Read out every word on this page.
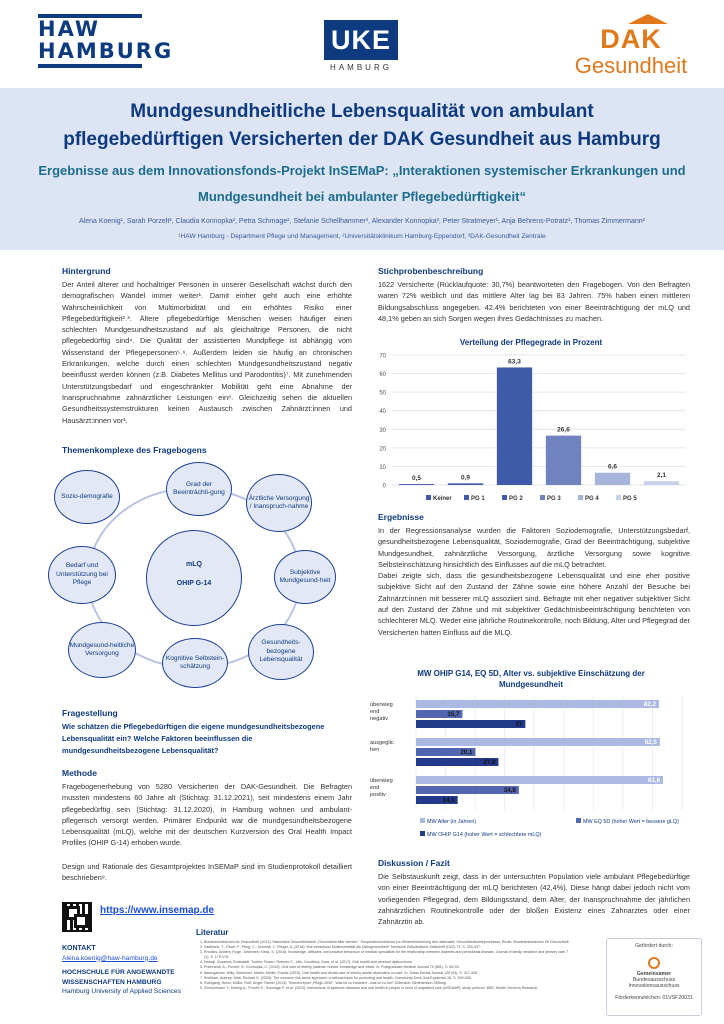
HAW
HAMBURG	UKE
HAMBURG
DAK
Gesundheit
Mundgesundheitliche Lebensqualität von ambulant
pflegebedürftigen Versicherten der DAK Gesundheit aus Hamburg
Ergebnisse aus dem Innovationsfonds-Projekt InSEMaP: „Interaktionen systemischer Erkrankungen und
Mundgesundheit bei ambulanter Pflegebedürftigkeit“
Alena Koenig¹, Sarah Porzelt², Claudia Konnopka², Petra Schmage², Stefanie Schellhammer³, Alexander Konnopka², Peter Stratmeyer¹, Anja Behrens-Potratz¹, Thomas Zimmermann²
¹HAW Hamburg - Department Pflege und Management, ²Universitätsklinikum Hamburg-Eppendorf, ³DAK-Gesundheit Zentrale
Hintergrund

Der Anteil älterer und hochaltriger Personen in unserer Gesellschaft wächst durch den demografischen Wandel immer weiter¹. Damit einher geht auch eine erhöhte Wahrscheinlichkeit von Multimorbidität und ein erhöhtes Risiko einer Pflegebedürftigkeit²˒³. Ältere pflegebedürftige Menschen weisen häufiger einen schlechten Mundgesundheitszustand auf als gleichaltrige Personen, die nicht pflegebedürftig sind⁴. Die Qualität der assistierten Mundpflege ist abhängig vom Wissenstand der Pflegepersonen⁵˒⁶. Außerdem leiden sie häufig an chronischen Erkrankungen, welche durch einen schlechten Mundgesundheitszustand negativ beeinflusst werden können (z.B. Diabetes Mellitus und Parodontitis)⁷. Mit zunehmenden Unterstützungsbedarf und eingeschränkter Mobilität geht eine Abnahme der Inanspruchnahme zahnärztlicher Leistungen ein⁸. Gleichzeitig sehen die aktuellen Gesundheitssystemstrukturen keinen Austausch zwischen Zahnärzt:innen und Hausärzt:innen vor¹.

Themenkomplexe des Fragebogens
mLQ
OHIP G-14
Sozio-demografie
Grad der Beeinträchti-gung
Ärztliche Versorgung / Inanspruch-nahme
Subjektive Mundgesund-heit
Gesundheits-bezogene Lebensqualität
Kognitive Selbstein-schätzung
Mundgesund-heitliche Versorgung
Bedarf und Unterstützung bei Pflege
Fragestellung

Wie schätzen die Pflegebedürftigen die eigene mundgesundheitsbezogene Lebensqualität ein? Welche Faktoren beeinflussen die mundgesundheitsbezogene Lebensqualität?

Methode

Fragebogenerhebung von 5280 Versicherten der DAK-Gesundheit. Die Befragten mussten mindestens 60 Jahre alt (Stichtag: 31.12.2021), seit mindestens einem Jahr pflegebedürftig sein (Stichtag: 31.12.2020), in Hamburg wohnen und ambulant-pflegerisch versorgt werden. Primärer Endpunkt war die mundgesundheitsbezogene Lebensqualität (mLQ), welche mit der deutschen Kurzversion des Oral Health Impact Profiles (OHIP G-14) erhoben wurde.

Design und Rationale des Gesamtprojektes InSEMaP sind im Studienprotokoll detailliert beschrieben⁹.

Stichprobenbeschreibung

1622 Versicherte (Rücklaufquote: 30,7%) beantworteten den Fragebogen. Von den Befragten waren 72% weiblich und das mittlere Alter lag bei 83 Jahren. 75% haben einen mittleren Bildungsabschluss angegeben. 42.4% berichteten von einer Beeinträchtigung der mLQ und 48,1% geben an sich Sorgen wegen ihres Gedächtnisses zu machen.

Verteilung der Pflegegrade in Prozent
0
10
20
30
40
50
60
70
0,5	0,9
63,3
26,6
6,6
2,1
Keiner	PG 1	PG 2	PG 3	PG 4	PG 5
Ergebnisse

In der Regressionsanalyse wurden die Faktoren Soziodemografie, Unterstützungsbedarf, gesundheitsbezogene Lebensqualität, Soziodemografie, Grad der Beeinträchtigung, subjektive Mundgesundheit, zahnärztliche Versorgung, ärztliche Versorgung sowie kognitive Selbsteinschätzung hinsichtlich des Einflusses auf die mLQ betrachtet.

Dabei zeigte sich, dass die gesundheitsbezogene Lebensqualität und eine eher positive subjektive Sicht auf den Zustand der Zähne sowie eine höhere Anzahl der Besuche bei Zahnärzt:innen mit besserer mLQ assoziiert sind. Befragte mit eher negativer subjektiver Sicht auf den Zustand der Zähne und mit subjektiver Gedächtnisbeeinträchtigung berichteten von schlechterer MLQ. Weder eine jährliche Routinekontrolle, noch Bildung, Alter und Pflegegrad der Versicherten hatten Einfluss auf die MLQ.

MW OHIP G14, EQ 5D, Alter vs. subjektive Einschätzung der
Mundgesundheit
überwieg
end
negativ
82,2
15,7
37
ausgeglic
hen
82,5
20,1
27,9
überwieg
end
positiv
83,6
34,8
14,1
MW Alter (in Jahren)	MW EQ 5D (hoher Wert = bessere gLQ)
MW OHIP G14 (hoher Wert = schlechtere mLQ)
Diskussion / Fazit

Die Selbstauskunft zeigt, dass in der untersuchten Population viele ambulant Pflegebedürftige von einer Beeinträchtigung der mLQ berichteten (42,4%). Diese hängt dabei jedoch nicht vom vorliegenden Pflegegrad, dem Bildungsstand, dem Alter, der Inanspruchnahme der jährlichen zahnärztlichen Routinekontrolle oder der bloßen Existenz eines Zahnarztes oder einer Zahnärztin ab.

https://www.insemap.de
KONTAKT
Alena.koenig@haw-hamburg.de
HOCHSCHULE FÜR ANGEWANDTE
WISSENSCHAFTEN HAMBURG
Hamburg University of Applied Sciences
Literatur
1. Bundesministerium für Gesundheit (2012): Nationales Gesundheitsziel „Gesundheit älter werden“. Kooperationsverbund zur Weiterentwicklung des nationalen Gesundheitszieleprozesses. Berlin: Bundesministerium für Gesundheit.
2. Saalfrank, T.; Glock, F.; Pflug, C.; Schmidt, J.; Rieger, A. (2018): Wie beeinflusst Multimorbidität die Zahngesundheit? Deutsche Zahnärztliche Zeitschrift (DZZ) 73, S. 330-337.
3. Rhodius, Anders; Ruge, Johannes; Kiess, S. (2018): Knowledge, attitudes, and practice behaviour of medical specialists for the relationship between diabetes and periodontal disease. Journal of family medicine and primary care 7 (1), S. 179-178.
4. Deloaji, Susanna; Rockstadt, Torben; Rosen, Roberto C.; Ulm, Dorothea; Gara, et al. (2017): Oral health and cerebral dysfunctions.
5. Priebrandt, A.; Porzelt, S.; Konnopka, C. (2019): Oral care of elderly patients: nurses' knowledge and views. In: Postgraduate Medical Journal 75 (881), S. 89-93.
6. Baumgartner, Willy; Schimmel, Martin; Müller, Frauke (2015): Oral health and dental care of elderly adults dependent on care. In: Swiss Dental Journal 125 (04), S. 417-426.
7. Sheiham, Aubrey; Watt, Richard G. (2000): The common risk factor approach: a rational basis for promoting oral health. Community Dent Oral Epidemiol 28, S. 399-406.
8. Rothgang, Heinz; Müller, Rolf; Unger, Rainer (2013): Themenreport „Pflege 2030“. Was ist zu erwarten - was ist zu tun? Gütersloh: Bertelsmann Stiftung.
9. Zimmermann T.; Koenig A.; Porzelt S.; Schmage P. et al. (2023): Interactions of systemic diseases and oral health in people in need of outpatient care (InSEMaP): study protocol. BMC Health Services Research.
Gefördert durch:
Gemeinsamer
Bundesausschuss
Innovationsausschuss
Förderkennzeichen: 01VSF20031
